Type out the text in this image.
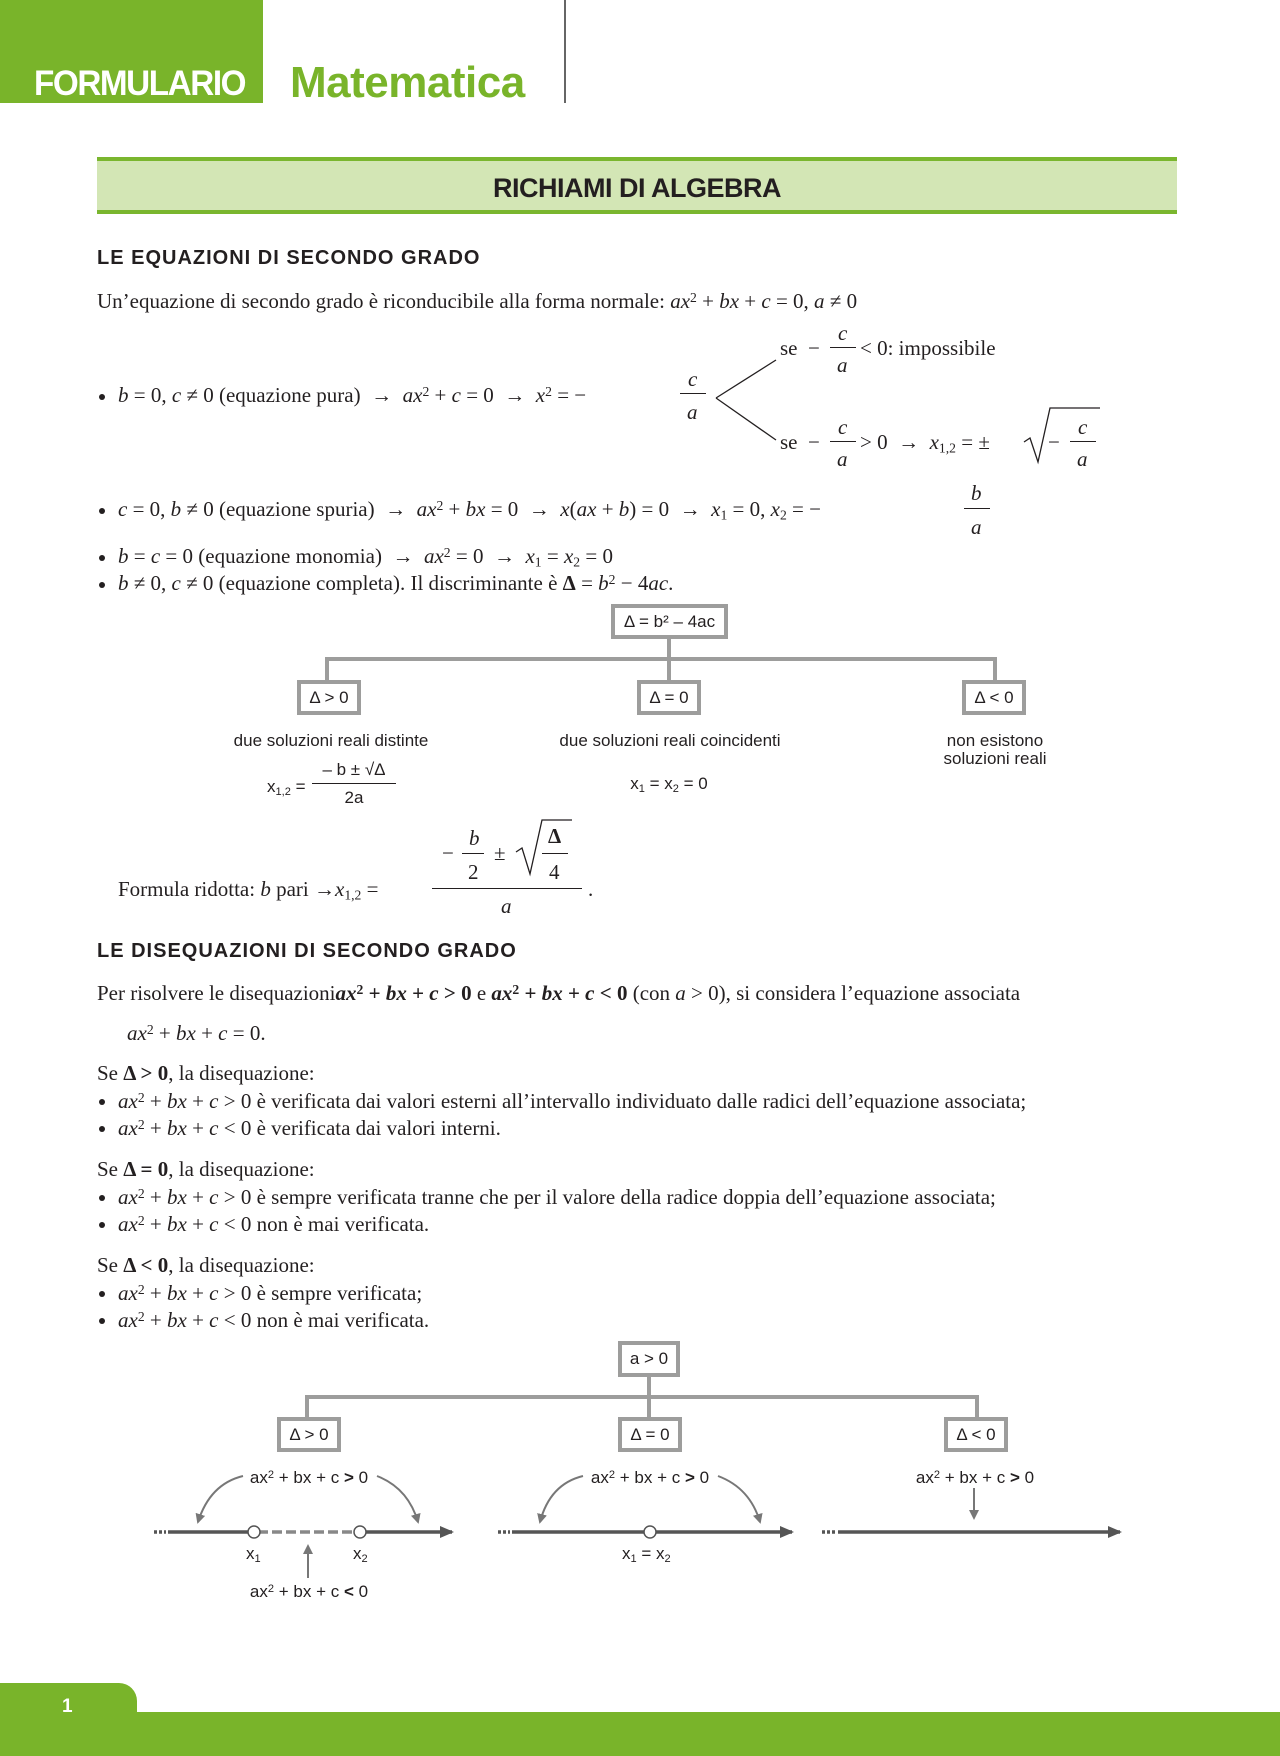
FORMULARIO Matematica
RICHIAMI DI ALGEBRA
LE EQUAZIONI DI SECONDO GRADO
Un’equazione di secondo grado è riconducibile alla forma normale: $ax^2$ + bx + c = 0, a ≠ 0
b = 0, c ≠ 0 (equazione pura)  →  $ax^2 + c = 0 \to x^2$ = −
c
a
se  −
c
a
< 0: impossibile
se  −
c
a
> $0 \to x_{1,2}$ = ±	−
c
a
c = 0, b ≠ 0 (equazione spuria)  →  $ax^2$ + bx = $0 \to x(ax + b) = 0 \to x_1 = 0$, $x_2$ = −
b
a
b = c = 0 (equazione monomia)  →  $ax^2 = 0 \to x_1 = x_2 = 0$
b ≠ 0, c ≠ 0 (equazione completa). Il discriminante è $\Delta = b^2 - 4ac$.
Δ = b² – 4ac
Δ > 0	Δ = 0	Δ < 0
due soluzioni reali distinte
$x_{1,2}$ =
– b ± √Δ
2a
due soluzioni reali coincidenti
$x_1 = x_2 = 0$
non esistono
soluzioni reali
Formula ridotta: b pari $\to x_{1,2}$ =
−
b
2
±
Δ
4
a
.
LE DISEQUAZIONI DI SECONDO GRADO
Per risolvere le disequazioniax$^2$ + bx + c > 0 e $ax^2$ + bx + c < 0 (con a > 0), si considera l’equazione associata
$ax^2$ + bx + c = 0.
Se Δ > 0, la disequazione:
$ax^2$ + bx + c > 0 è verificata dai valori esterni all’intervallo individuato dalle radici dell’equazione associata;
$ax^2$ + bx + c < 0 è verificata dai valori interni.
Se Δ = 0, la disequazione:
$ax^2$ + bx + c > 0 è sempre verificata tranne che per il valore della radice doppia dell’equazione associata;
$ax^2$ + bx + c < 0 non è mai verificata.
Se Δ < 0, la disequazione:
$ax^2$ + bx + c > 0 è sempre verificata;
$ax^2$ + bx + c < 0 non è mai verificata.
a > 0
Δ > 0	Δ = 0	Δ < 0
$ax^2$ + bx + c > 0	$ax^2$ + bx + c > 0	$ax^2$ + bx + c > 0
$ax^2$ + bx + c < 0
$x_1$	$x_2$	$x_1 = x_2$
1
